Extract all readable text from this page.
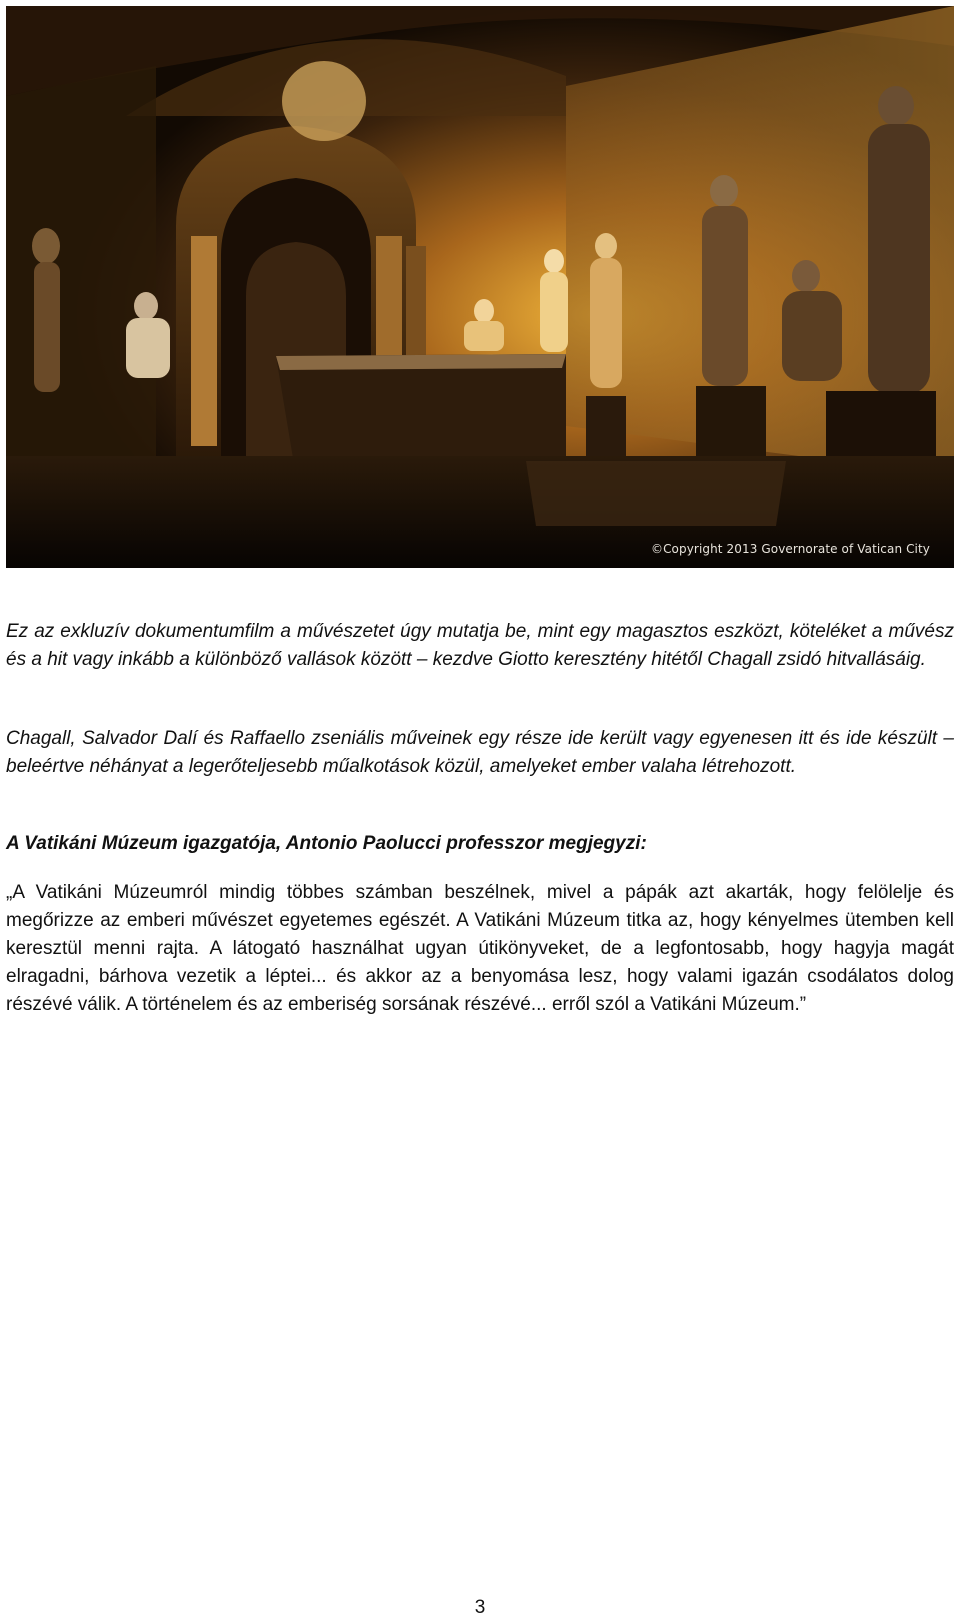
©Copyright 2013 Governorate of Vatican City

Ez az exkluzív dokumentumfilm a művészetet úgy mutatja be, mint egy magasztos eszközt, köteléket a művész és a hit vagy inkább a különböző vallások között – kezdve Giotto keresztény hitétől Chagall zsidó hitvallásáig.

Chagall, Salvador Dalí és Raffaello zseniális műveinek egy része ide került vagy egyenesen itt és ide készült – beleértve néhányat a legerőteljesebb műalkotások közül, amelyeket ember valaha létrehozott.

A Vatikáni Múzeum igazgatója, Antonio Paolucci professzor megjegyzi:

„A Vatikáni Múzeumról mindig többes számban beszélnek, mivel a pápák azt akarták, hogy felölelje és megőrizze az emberi művészet egyetemes egészét. A Vatikáni Múzeum titka az, hogy kényelmes ütemben kell keresztül menni rajta. A látogató használhat ugyan útikönyveket, de a legfontosabb, hogy hagyja magát elragadni, bárhova vezetik a léptei... és akkor az a benyomása lesz, hogy valami igazán csodálatos dolog részévé válik. A történelem és az emberiség sorsának részévé... erről szól a Vatikáni Múzeum.”

3
